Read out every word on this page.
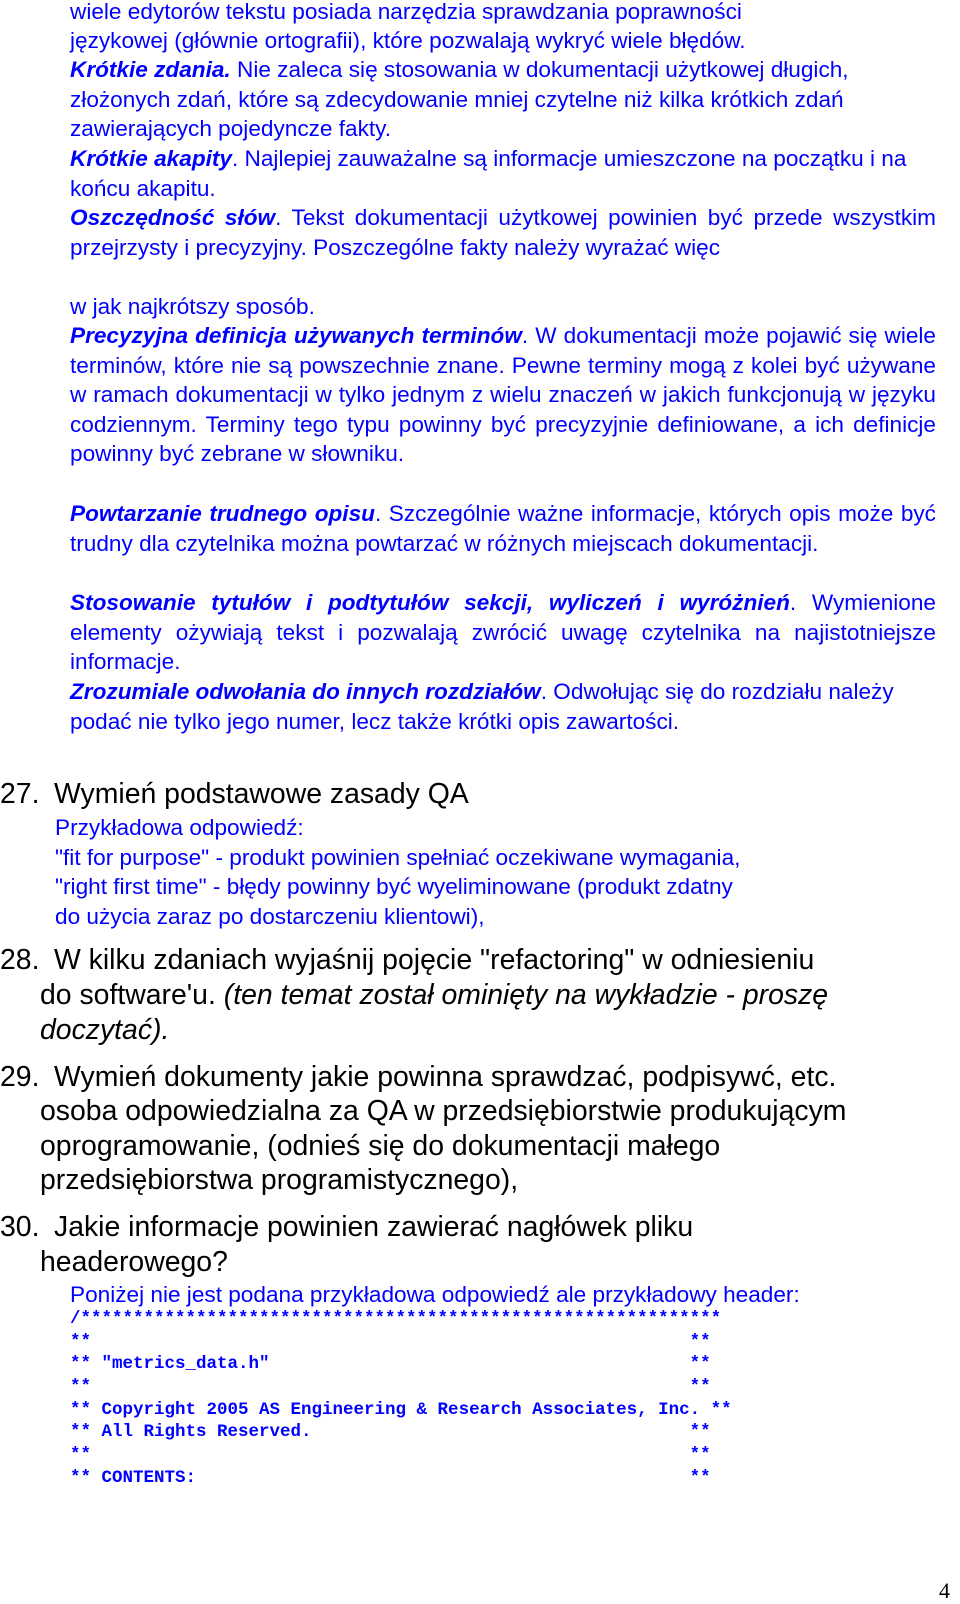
wiele edytorów tekstu posiada narzędzia sprawdzania poprawności
językowej (głównie ortografii), które pozwalają wykryć wiele błędów.
Krótkie zdania. Nie zaleca się stosowania w dokumentacji użytkowej długich, złożonych zdań, które są zdecydowanie mniej czytelne niż kilka krótkich zdań zawierających pojedyncze fakty.
Krótkie akapity. Najlepiej zauważalne są informacje umieszczone na początku i na końcu akapitu.
Oszczędność słów. Tekst dokumentacji użytkowej powinien być przede wszystkim przejrzysty i precyzyjny. Poszczególne fakty należy wyrażać więc
w jak najkrótszy sposób.
Precyzyjna definicja używanych terminów. W dokumentacji może pojawić się wiele terminów, które nie są powszechnie znane. Pewne terminy mogą z kolei być używane w ramach dokumentacji w tylko jednym z wielu znaczeń w jakich funkcjonują w języku codziennym. Terminy tego typu powinny być precyzyjnie definiowane, a ich definicje powinny być zebrane w słowniku.
Powtarzanie trudnego opisu. Szczególnie ważne informacje, których opis może być trudny dla czytelnika można powtarzać w różnych miejscach dokumentacji.
Stosowanie tytułów i podtytułów sekcji, wyliczeń i wyróżnień. Wymienione elementy ożywiają tekst i pozwalają zwrócić uwagę czytelnika na najistotniejsze informacje.
Zrozumiale odwołania do innych rozdziałów. Odwołując się do rozdziału należy podać nie tylko jego numer, lecz także krótki opis zawartości.
27. Wymień podstawowe zasady QA
Przykładowa odpowiedź:
"fit for purpose" - produkt powinien spełniać oczekiwane wymagania,
"right first time" - błędy powinny być wyeliminowane (produkt zdatny
do użycia zaraz po dostarczeniu klientowi),
28. W kilku zdaniach wyjaśnij pojęcie "refactoring" w odniesieniu
do software'u. (ten temat został ominięty na wykładzie - proszę
doczytać).
29. Wymień dokumenty jakie powinna sprawdzać, podpisywć, etc.
osoba odpowiedzialna za QA w przedsiębiorstwie produkującym
oprogramowanie, (odnieś się do dokumentacji małego
przedsiębiorstwa programistycznego),
30. Jakie informacje powinien zawierać nagłówek pliku
headerowego?
Poniżej nie jest podana przykładowa odpowiedź ale przykładowy header:
/*************************************************************
**                                                         **
** "metrics_data.h"                                        **
**                                                         **
** Copyright 2005 AS Engineering & Research Associates, Inc. **
** All Rights Reserved.                                    **
**                                                         **
** CONTENTS:                                               **
4
